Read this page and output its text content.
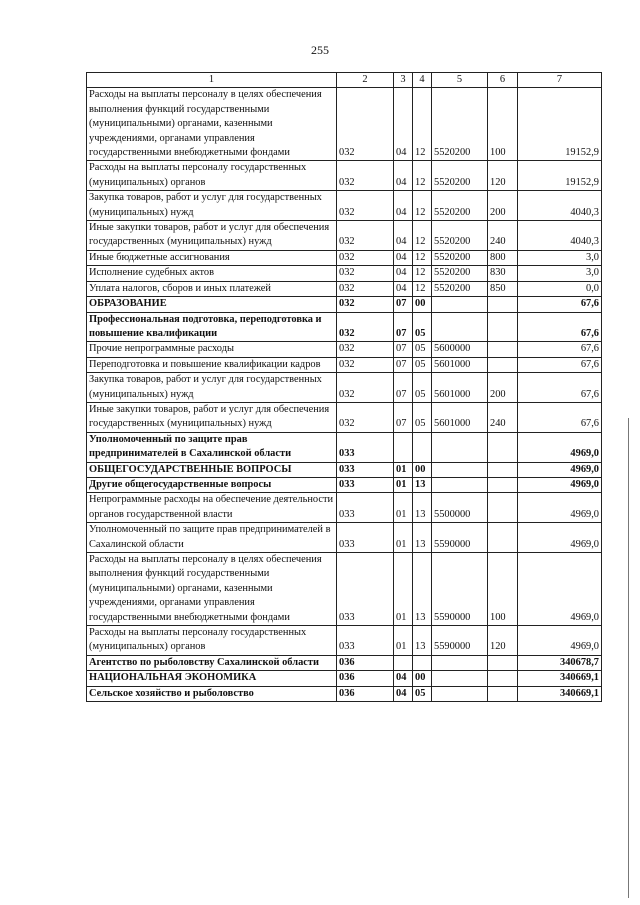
255
1	2	3	4	5	6	7
Расходы на выплаты персоналу в целях обеспечения выполнения функций государственными (муниципальными) органами, казенными учреждениями, органами управления государственными внебюджетными фондами	032	04	12	5520200	100	19152,9
Расходы на выплаты персоналу государственных (муниципальных) органов	032	04	12	5520200	120	19152,9
Закупка товаров, работ и услуг для государственных (муниципальных) нужд	032	04	12	5520200	200	4040,3
Иные закупки товаров, работ и услуг для обеспечения государственных (муниципальных) нужд	032	04	12	5520200	240	4040,3
Иные бюджетные ассигнования	032	04	12	5520200	800	3,0
Исполнение судебных актов	032	04	12	5520200	830	3,0
Уплата налогов, сборов и иных платежей	032	04	12	5520200	850	0,0
ОБРАЗОВАНИЕ	032	07	00			67,6
Профессиональная подготовка, переподготовка и повышение квалификации	032	07	05			67,6
Прочие непрограммные расходы	032	07	05	5600000		67,6
Переподготовка и повышение квалификации кадров	032	07	05	5601000		67,6
Закупка товаров, работ и услуг для государственных (муниципальных) нужд	032	07	05	5601000	200	67,6
Иные закупки товаров, работ и услуг для обеспечения государственных (муниципальных) нужд	032	07	05	5601000	240	67,6
Уполномоченный по защите прав предпринимателей в Сахалинской области	033					4969,0
ОБЩЕГОСУДАРСТВЕННЫЕ ВОПРОСЫ	033	01	00			4969,0
Другие общегосударственные вопросы	033	01	13			4969,0
Непрограммные расходы на обеспечение деятельности органов государственной власти	033	01	13	5500000		4969,0
Уполномоченный по защите прав предпринимателей в Сахалинской области	033	01	13	5590000		4969,0
Расходы на выплаты персоналу в целях обеспечения выполнения функций государственными (муниципальными) органами, казенными учреждениями, органами управления государственными внебюджетными фондами	033	01	13	5590000	100	4969,0
Расходы на выплаты персоналу государственных (муниципальных) органов	033	01	13	5590000	120	4969,0
Агентство по рыболовству Сахалинской области	036					340678,7
НАЦИОНАЛЬНАЯ ЭКОНОМИКА	036	04	00			340669,1
Сельское хозяйство и рыболовство	036	04	05			340669,1
